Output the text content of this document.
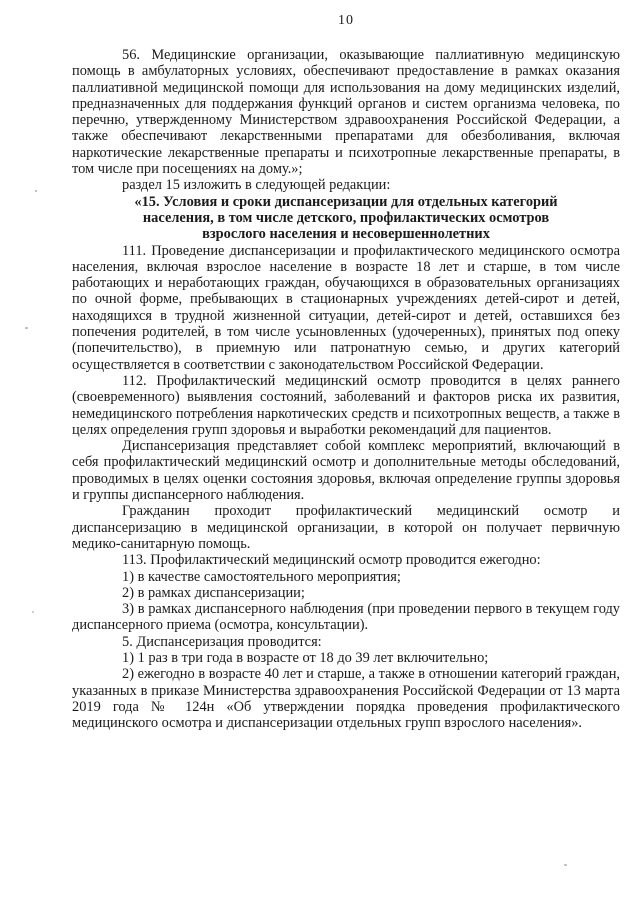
10

56. Медицинские организации, оказывающие паллиативную медицинскую помощь в амбулаторных условиях, обеспечивают предоставление в рамках оказания паллиативной медицинской помощи для использования на дому медицинских изделий, предназначенных для поддержания функций органов и систем организма человека, по перечню, утвержденному Министерством здравоохранения Российской Федерации, а также обеспечивают лекарственными препаратами для обезболивания, включая наркотические лекарственные препараты и психотропные лекарственные препараты, в том числе при посещениях на дому.»;

раздел 15 изложить в следующей редакции:

«15. Условия и сроки диспансеризации для отдельных категорий
населения, в том числе детского, профилактических осмотров
взрослого населения и несовершеннолетних

111. Проведение диспансеризации и профилактического медицинского осмотра населения, включая взрослое население в возрасте 18 лет и старше, в том числе работающих и неработающих граждан, обучающихся в образовательных организациях по очной форме, пребывающих в стационарных учреждениях детей-сирот и детей, находящихся в трудной жизненной ситуации, детей-сирот и детей, оставшихся без попечения родителей, в том числе усыновленных (удочеренных), принятых под опеку (попечительство), в приемную или патронатную семью, и других категорий осуществляется в соответствии с законодательством Российской Федерации.

112. Профилактический медицинский осмотр проводится в целях раннего (своевременного) выявления состояний, заболеваний и факторов риска их развития, немедицинского потребления наркотических средств и психотропных веществ, а также в целях определения групп здоровья и выработки рекомендаций для пациентов.

Диспансеризация представляет собой комплекс мероприятий, включающий в себя профилактический медицинский осмотр и дополнительные методы обследований, проводимых в целях оценки состояния здоровья, включая определение группы здоровья и группы диспансерного наблюдения.

Гражданин проходит профилактический медицинский осмотр и диспансеризацию в медицинской организации, в которой он получает первичную медико-санитарную помощь.

113. Профилактический медицинский осмотр проводится ежегодно:

1) в качестве самостоятельного мероприятия;

2) в рамках диспансеризации;

3) в рамках диспансерного наблюдения (при проведении первого в текущем году диспансерного приема (осмотра, консультации).

5. Диспансеризация проводится:

1) 1 раз в три года в возрасте от 18 до 39 лет включительно;

2) ежегодно в возрасте 40 лет и старше, а также в отношении категорий граждан, указанных в приказе Министерства здравоохранения Российской Федерации от 13 марта 2019 года № 124н «Об утверждении порядка проведения профилактического медицинского осмотра и диспансеризации отдельных групп взрослого населения».
